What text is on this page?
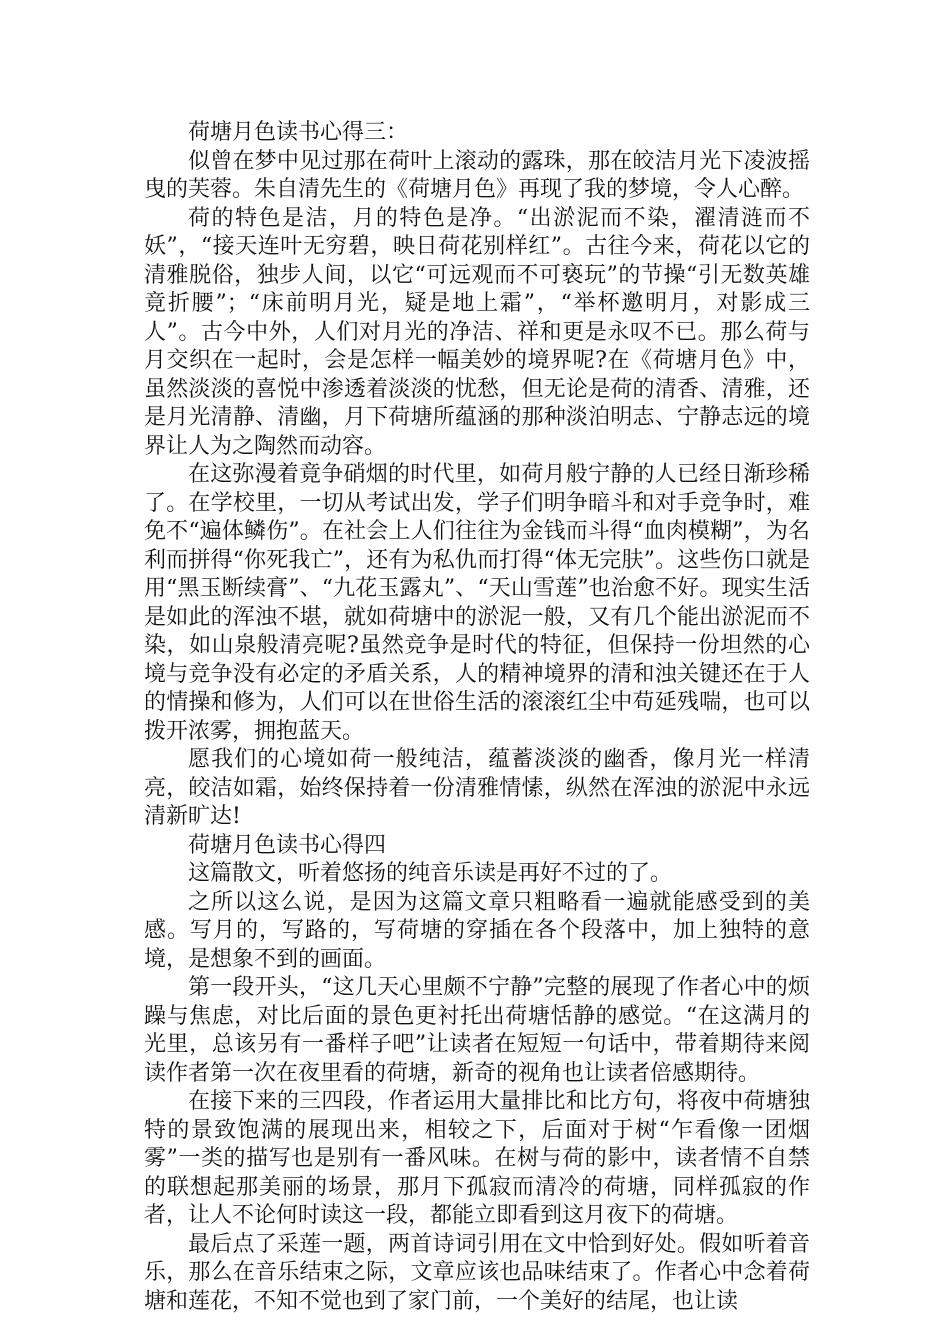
荷塘月色读书心得三：

似曾在梦中见过那在荷叶上滚动的露珠，那在皎洁月光下凌波摇曳的芙蓉。朱自清先生的《荷塘月色》再现了我的梦境，令人心醉。

荷的特色是洁，月的特色是净。“出淤泥而不染，濯清涟而不妖”，“接天连叶无穷碧，映日荷花别样红”。古往今来，荷花以它的清雅脱俗，独步人间，以它“可远观而不可亵玩”的节操“引无数英雄竟折腰”；“床前明月光，疑是地上霜”，“举杯邀明月，对影成三人”。古今中外，人们对月光的净洁、祥和更是永叹不已。那么荷与月交织在一起时，会是怎样一幅美妙的境界呢?在《荷塘月色》中，虽然淡淡的喜悦中渗透着淡淡的忧愁，但无论是荷的清香、清雅，还是月光清静、清幽，月下荷塘所蕴涵的那种淡泊明志、宁静志远的境界让人为之陶然而动容。

在这弥漫着竟争硝烟的时代里，如荷月般宁静的人已经日渐珍稀了。在学校里，一切从考试出发，学子们明争暗斗和对手竞争时，难免不“遍体鳞伤”。在社会上人们往往为金钱而斗得“血肉模糊”，为名利而拼得“你死我亡”，还有为私仇而打得“体无完肤”。这些伤口就是用“黑玉断续膏”、“九花玉露丸”、“天山雪莲”也治愈不好。现实生活是如此的浑浊不堪，就如荷塘中的淤泥一般，又有几个能出淤泥而不染，如山泉般清亮呢?虽然竞争是时代的特征，但保持一份坦然的心境与竞争没有必定的矛盾关系，人的精神境界的清和浊关键还在于人的情操和修为，人们可以在世俗生活的滚滚红尘中苟延残喘，也可以拨开浓雾，拥抱蓝天。

愿我们的心境如荷一般纯洁，蕴蓄淡淡的幽香，像月光一样清亮，皎洁如霜，始终保持着一份清雅情愫，纵然在浑浊的淤泥中永远清新旷达!

荷塘月色读书心得四

这篇散文，听着悠扬的纯音乐读是再好不过的了。

之所以这么说，是因为这篇文章只粗略看一遍就能感受到的美感。写月的，写路的，写荷塘的穿插在各个段落中，加上独特的意境，是想象不到的画面。

第一段开头，“这几天心里颇不宁静”完整的展现了作者心中的烦躁与焦虑，对比后面的景色更衬托出荷塘恬静的感觉。“在这满月的光里，总该另有一番样子吧”让读者在短短一句话中，带着期待来阅读作者第一次在夜里看的荷塘，新奇的视角也让读者倍感期待。

在接下来的三四段，作者运用大量排比和比方句，将夜中荷塘独特的景致饱满的展现出来，相较之下，后面对于树“乍看像一团烟雾”一类的描写也是别有一番风味。在树与荷的影中，读者情不自禁的联想起那美丽的场景，那月下孤寂而清冷的荷塘，同样孤寂的作者，让人不论何时读这一段，都能立即看到这月夜下的荷塘。

最后点了采莲一题，两首诗词引用在文中恰到好处。假如听着音乐，那么在音乐结束之际，文章应该也品味结束了。作者心中念着荷塘和莲花，不知不觉也到了家门前，一个美好的结尾，也让读
